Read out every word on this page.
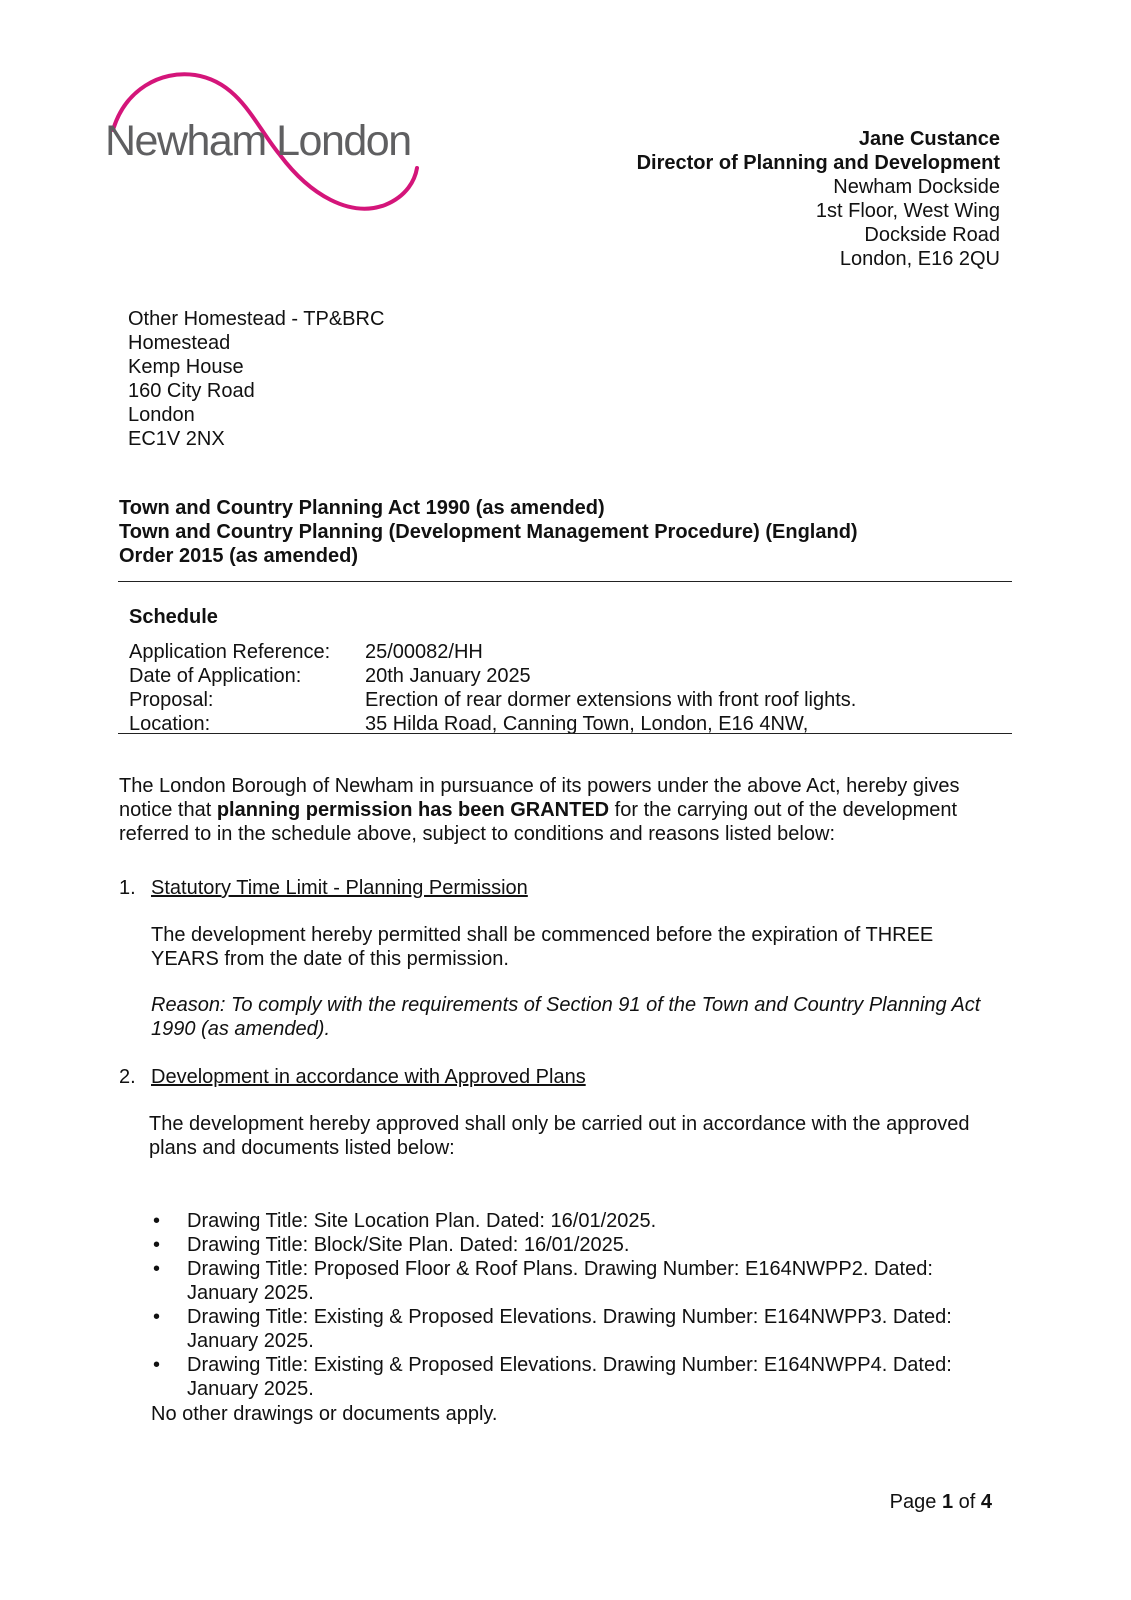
Newham London	Jane Custance
Director of Planning and Development
Newham Dockside
1st Floor, West Wing
Dockside Road
London, E16 2QU
Other Homestead - TP&BRC
Homestead
Kemp House
160 City Road
London
EC1V 2NX
Town and Country Planning Act 1990 (as amended)
Town and Country Planning (Development Management Procedure) (England)
Order 2015 (as amended)
Schedule
Application Reference:	25/00082/HH
Date of Application:	20th January 2025
Proposal:	Erection of rear dormer extensions with front roof lights.
Location:	35 Hilda Road, Canning Town, London, E16 4NW,
The London Borough of Newham in pursuance of its powers under the above Act, hereby gives notice that planning permission has been GRANTED for the carrying out of the development referred to in the schedule above, subject to conditions and reasons listed below:
1. Statutory Time Limit - Planning Permission
The development hereby permitted shall be commenced before the expiration of THREE YEARS from the date of this permission.
Reason: To comply with the requirements of Section 91 of the Town and Country Planning Act 1990 (as amended).
2. Development in accordance with Approved Plans
The development hereby approved shall only be carried out in accordance with the approved plans and documents listed below:
• Drawing Title: Site Location Plan. Dated: 16/01/2025.
• Drawing Title: Block/Site Plan. Dated: 16/01/2025.
• Drawing Title: Proposed Floor & Roof Plans. Drawing Number: E164NWPP2. Dated: January 2025.
• Drawing Title: Existing & Proposed Elevations. Drawing Number: E164NWPP3. Dated: January 2025.
• Drawing Title: Existing & Proposed Elevations. Drawing Number: E164NWPP4. Dated: January 2025.
No other drawings or documents apply.
Page 1 of 4
